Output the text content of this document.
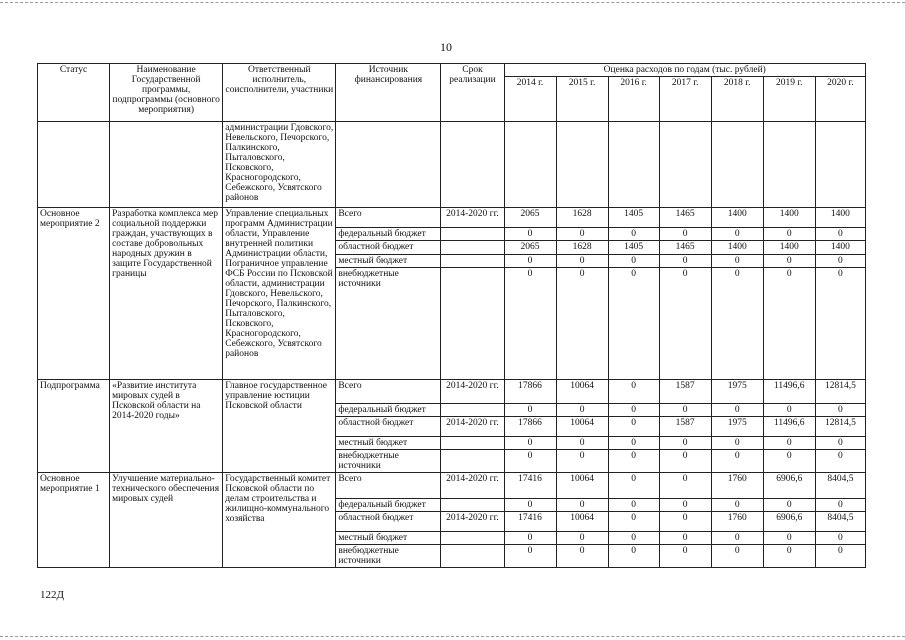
10
Статус	Наименование Государственной программы, подпрограммы (основного мероприятия)	Ответственный исполнитель, соисполнители, участники	Источник финансирования	Срок реализации	Оценка расходов по годам (тыс. рублей)						
					2014 г.	2015 г.	2016 г.	2017 г.	2018 г.	2019 г.	2020 г.
		администрации Гдовского, Невельского, Печорского, Палкинского, Пыталовского, Псковского, Красногородского, Себежского, Усвятского районов									
Основное мероприятие 2	Разработка комплекса мер социальной поддержки граждан, участвующих в составе добровольных народных дружин в защите Государственной границы	Управление специальных программ Администрации области, Управление внутренней политики Администрации области, Пограничное управление ФСБ России по Псковской области, администрации Гдовского, Невельского, Печорского, Палкинского, Пыталовского, Псковского, Красногородского, Себежского, Усвятского районов	Всего	2014-2020 гг.	2065	1628	1405	1465	1400	1400	1400
			федеральный бюджет		0	0	0	0	0	0	0
			областной бюджет		2065	1628	1405	1465	1400	1400	1400
			местный бюджет		0	0	0	0	0	0	0
			внебюджетные источники		0	0	0	0	0	0	0
Подпрограмма	«Развитие института мировых судей в Псковской области на 2014-2020 годы»	Главное государственное управление юстиции Псковской области	Всего	2014-2020 гг.	17866	10064	0	1587	1975	11496,6	12814,5
			федеральный бюджет		0	0	0	0	0	0	0
			областной бюджет	2014-2020 гг.	17866	10064	0	1587	1975	11496,6	12814,5
			местный бюджет		0	0	0	0	0	0	0
			внебюджетные источники		0	0	0	0	0	0	0
Основное мероприятие 1	Улучшение материально-технического обеспечения мировых судей	Государственный комитет Псковской области по делам строительства и жилищно-коммунального хозяйства	Всего	2014-2020 гг.	17416	10064	0	0	1760	6906,6	8404,5
			федеральный бюджет		0	0	0	0	0	0	0
			областной бюджет	2014-2020 гг.	17416	10064	0	0	1760	6906,6	8404,5
			местный бюджет		0	0	0	0	0	0	0
			внебюджетные источники		0	0	0	0	0	0	0
122Д
